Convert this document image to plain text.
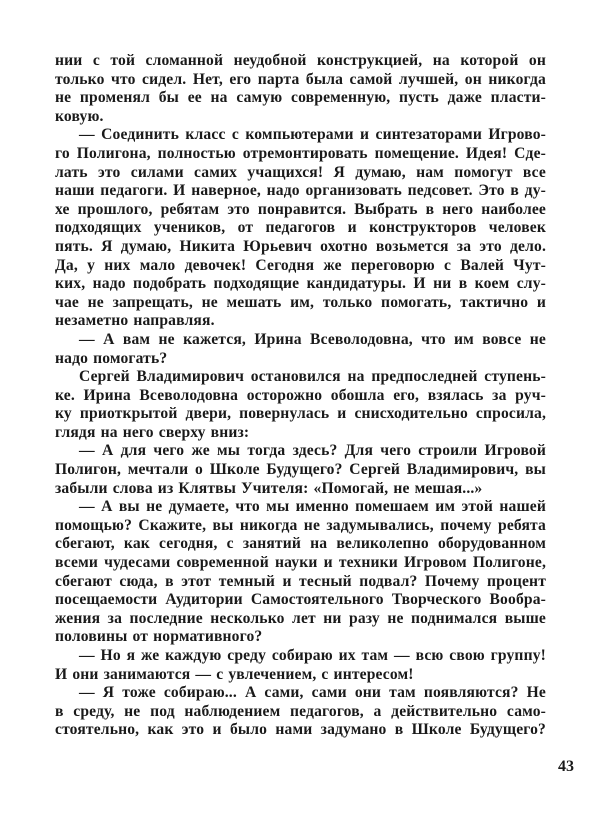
нии с той сломанной неудобной конструкцией, на которой он
только что сидел. Нет, его парта была самой лучшей, он никогда
не променял бы ее на самую современную, пусть даже пласти-
ковую.
— Соединить класс с компьютерами и синтезаторами Игрово-
го Полигона, полностью отремонтировать помещение. Идея! Сде-
лать это силами самих учащихся! Я думаю, нам помогут все
наши педагоги. И наверное, надо организовать педсовет. Это в ду-
хе прошлого, ребятам это понравится. Выбрать в него наиболее
подходящих учеников, от педагогов и конструкторов человек
пять. Я думаю, Никита Юрьевич охотно возьмется за это дело.
Да, у них мало девочек! Сегодня же переговорю с Валей Чут-
ких, надо подобрать подходящие кандидатуры. И ни в коем слу-
чае не запрещать, не мешать им, только помогать, тактично и
незаметно направляя.
— А вам не кажется, Ирина Всеволодовна, что им вовсе не
надо помогать?
Сергей Владимирович остановился на предпоследней ступень-
ке. Ирина Всеволодовна осторожно обошла его, взялась за руч-
ку приоткрытой двери, повернулась и снисходительно спросила,
глядя на него сверху вниз:
— А для чего же мы тогда здесь? Для чего строили Игровой
Полигон, мечтали о Школе Будущего? Сергей Владимирович, вы
забыли слова из Клятвы Учителя: «Помогай, не мешая...»
— А вы не думаете, что мы именно помешаем им этой нашей
помощью? Скажите, вы никогда не задумывались, почему ребята
сбегают, как сегодня, с занятий на великолепно оборудованном
всеми чудесами современной науки и техники Игровом Полигоне,
сбегают сюда, в этот темный и тесный подвал? Почему процент
посещаемости Аудитории Самостоятельного Творческого Вообра-
жения за последние несколько лет ни разу не поднимался выше
половины от нормативного?
— Но я же каждую среду собираю их там — всю свою группу!
И они занимаются — с увлечением, с интересом!
— Я тоже собираю... А сами, сами они там появляются? Не
в среду, не под наблюдением педагогов, а действительно само-
стоятельно, как это и было нами задумано в Школе Будущего?
43
